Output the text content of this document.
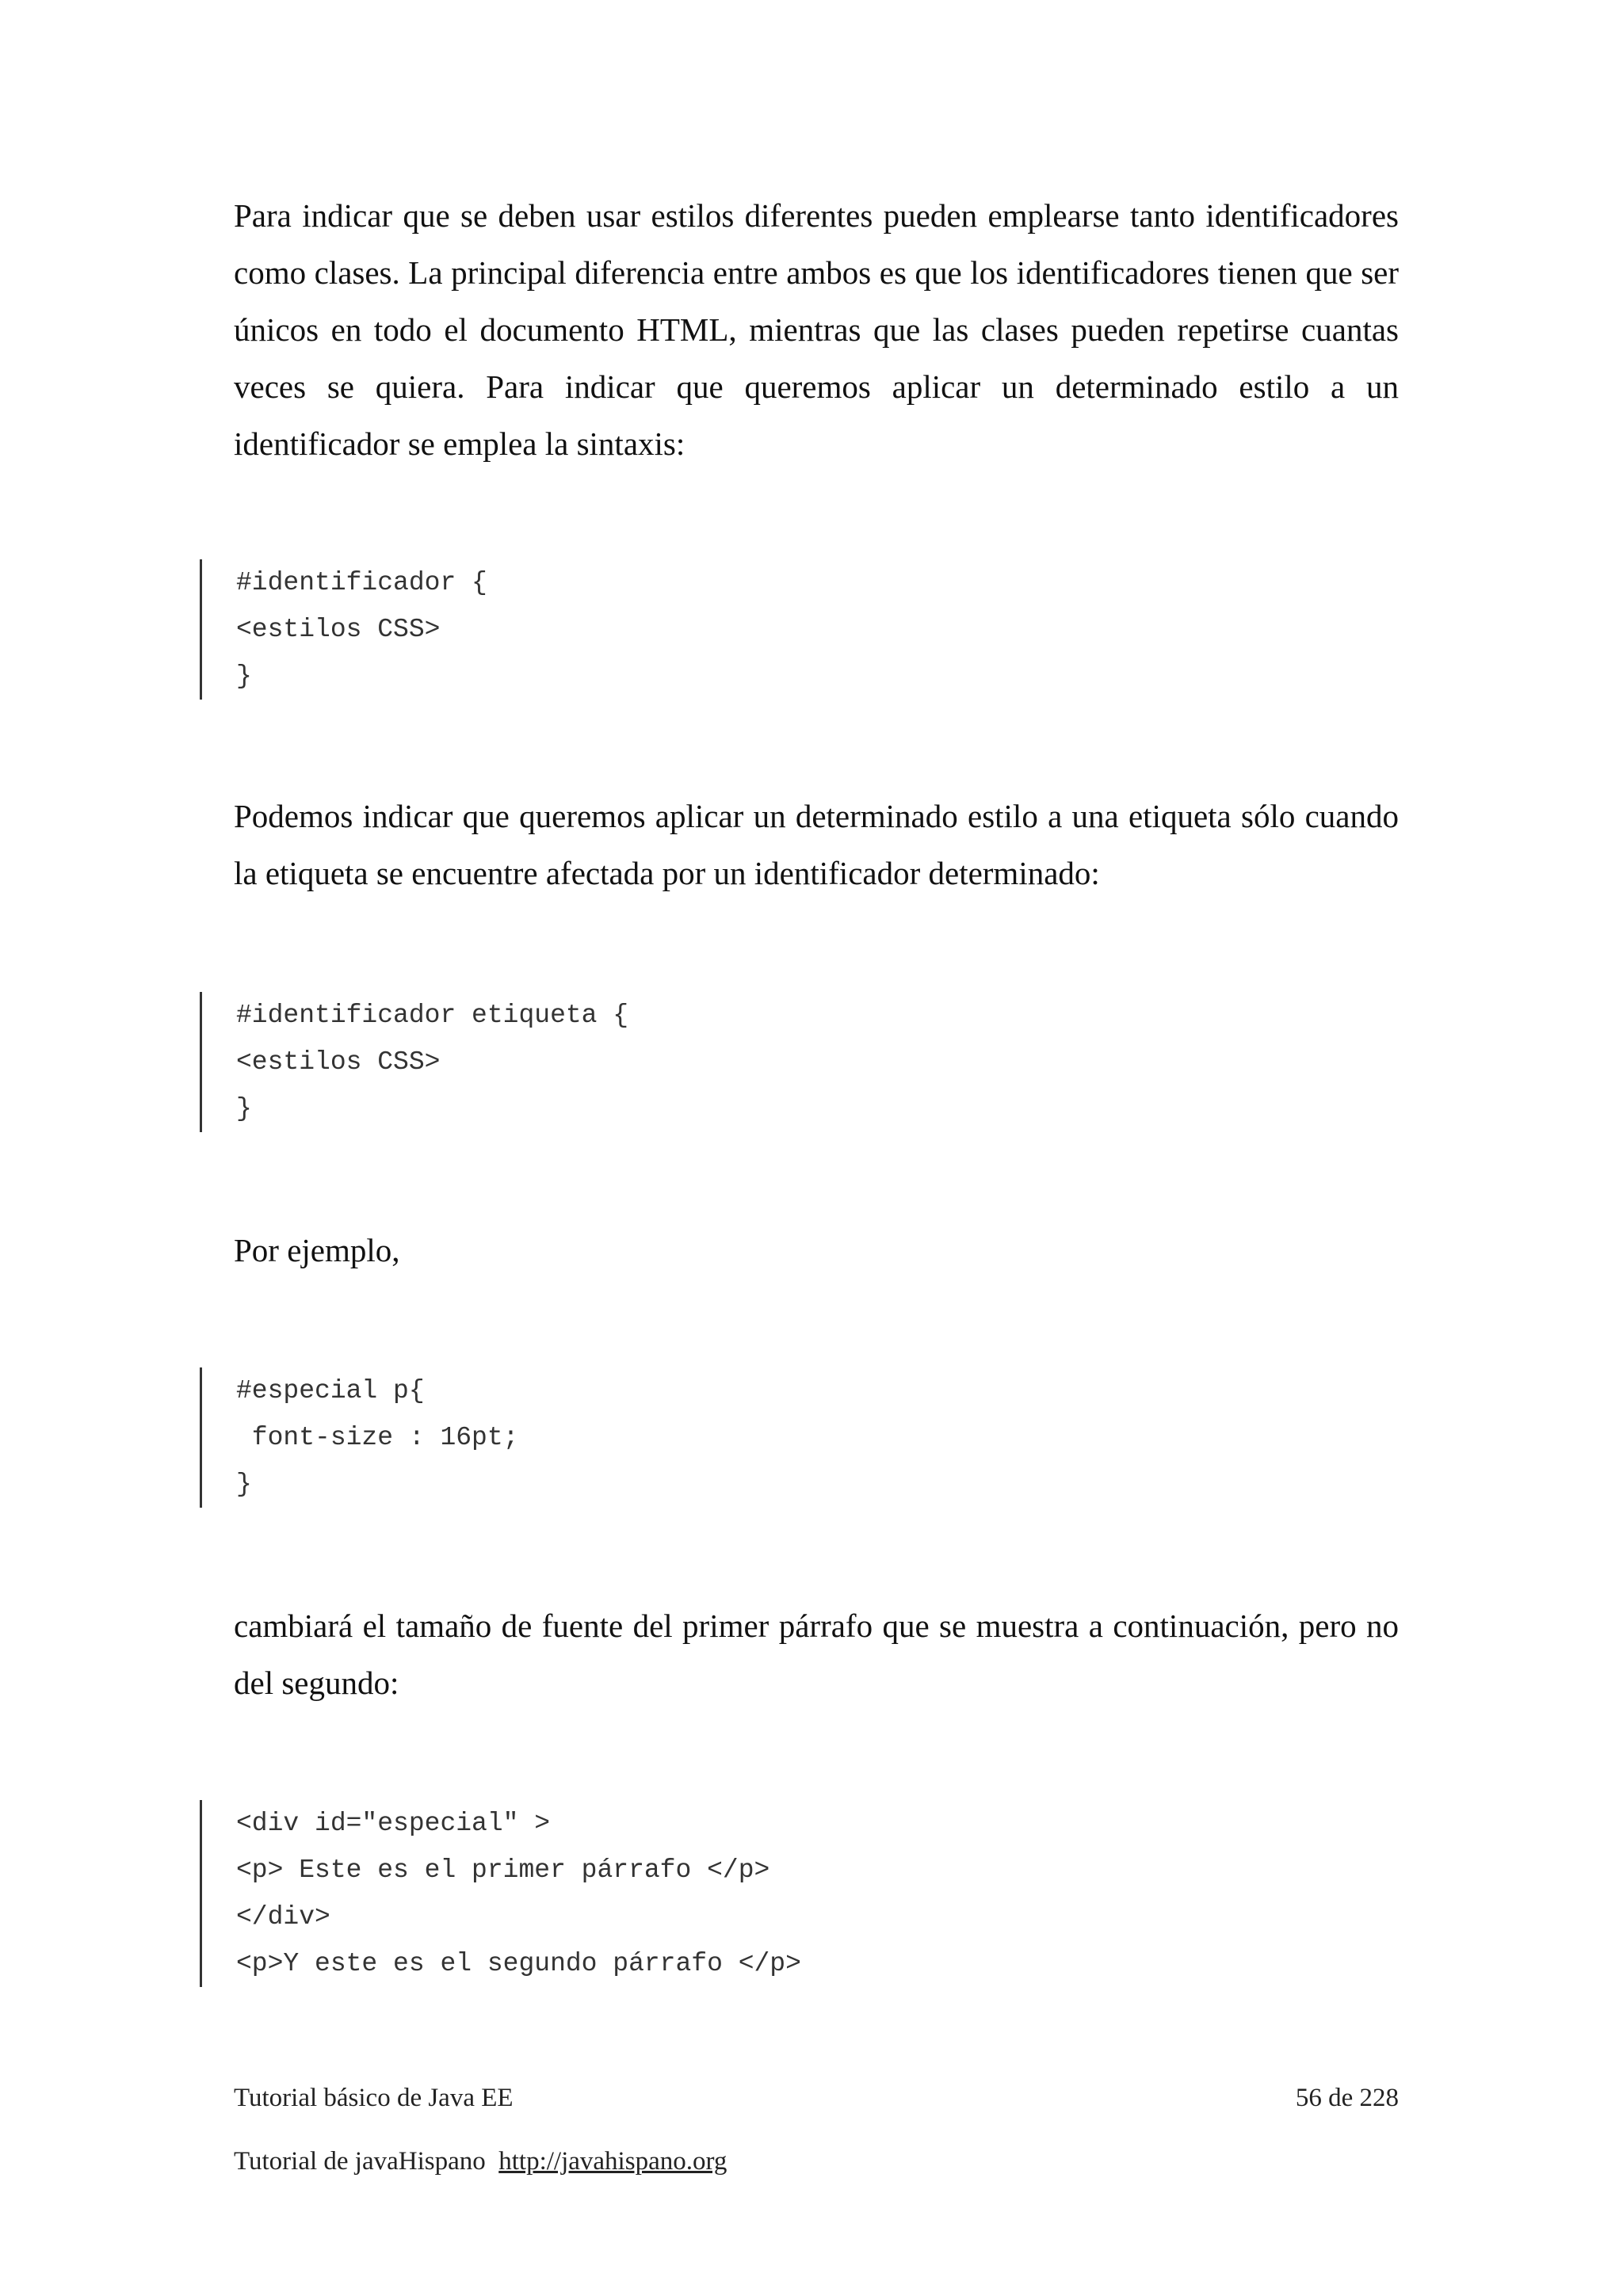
Para indicar que se deben usar estilos diferentes pueden emplearse tanto identificadores como clases. La principal diferencia entre ambos es que los identificadores tienen que ser únicos en todo el documento HTML, mientras que las clases pueden repetirse cuantas veces se quiera. Para indicar que queremos aplicar un determinado estilo a un identificador se emplea la sintaxis:

#identificador {
<estilos CSS>
}

Podemos indicar que queremos aplicar un determinado estilo a una etiqueta sólo cuando la etiqueta se encuentre afectada por un identificador determinado:

#identificador etiqueta {
<estilos CSS>
}

Por ejemplo,

#especial p{
font-size : 16pt;
}

cambiará el tamaño de fuente del primer párrafo que se muestra a continuación, pero no del segundo:

<div id="especial" >
<p> Este es el primer párrafo </p>
</div>
<p>Y este es el segundo párrafo </p>
Tutorial básico de Java EE	56 de 228
Tutorial de javaHispano http://javahispano.org
